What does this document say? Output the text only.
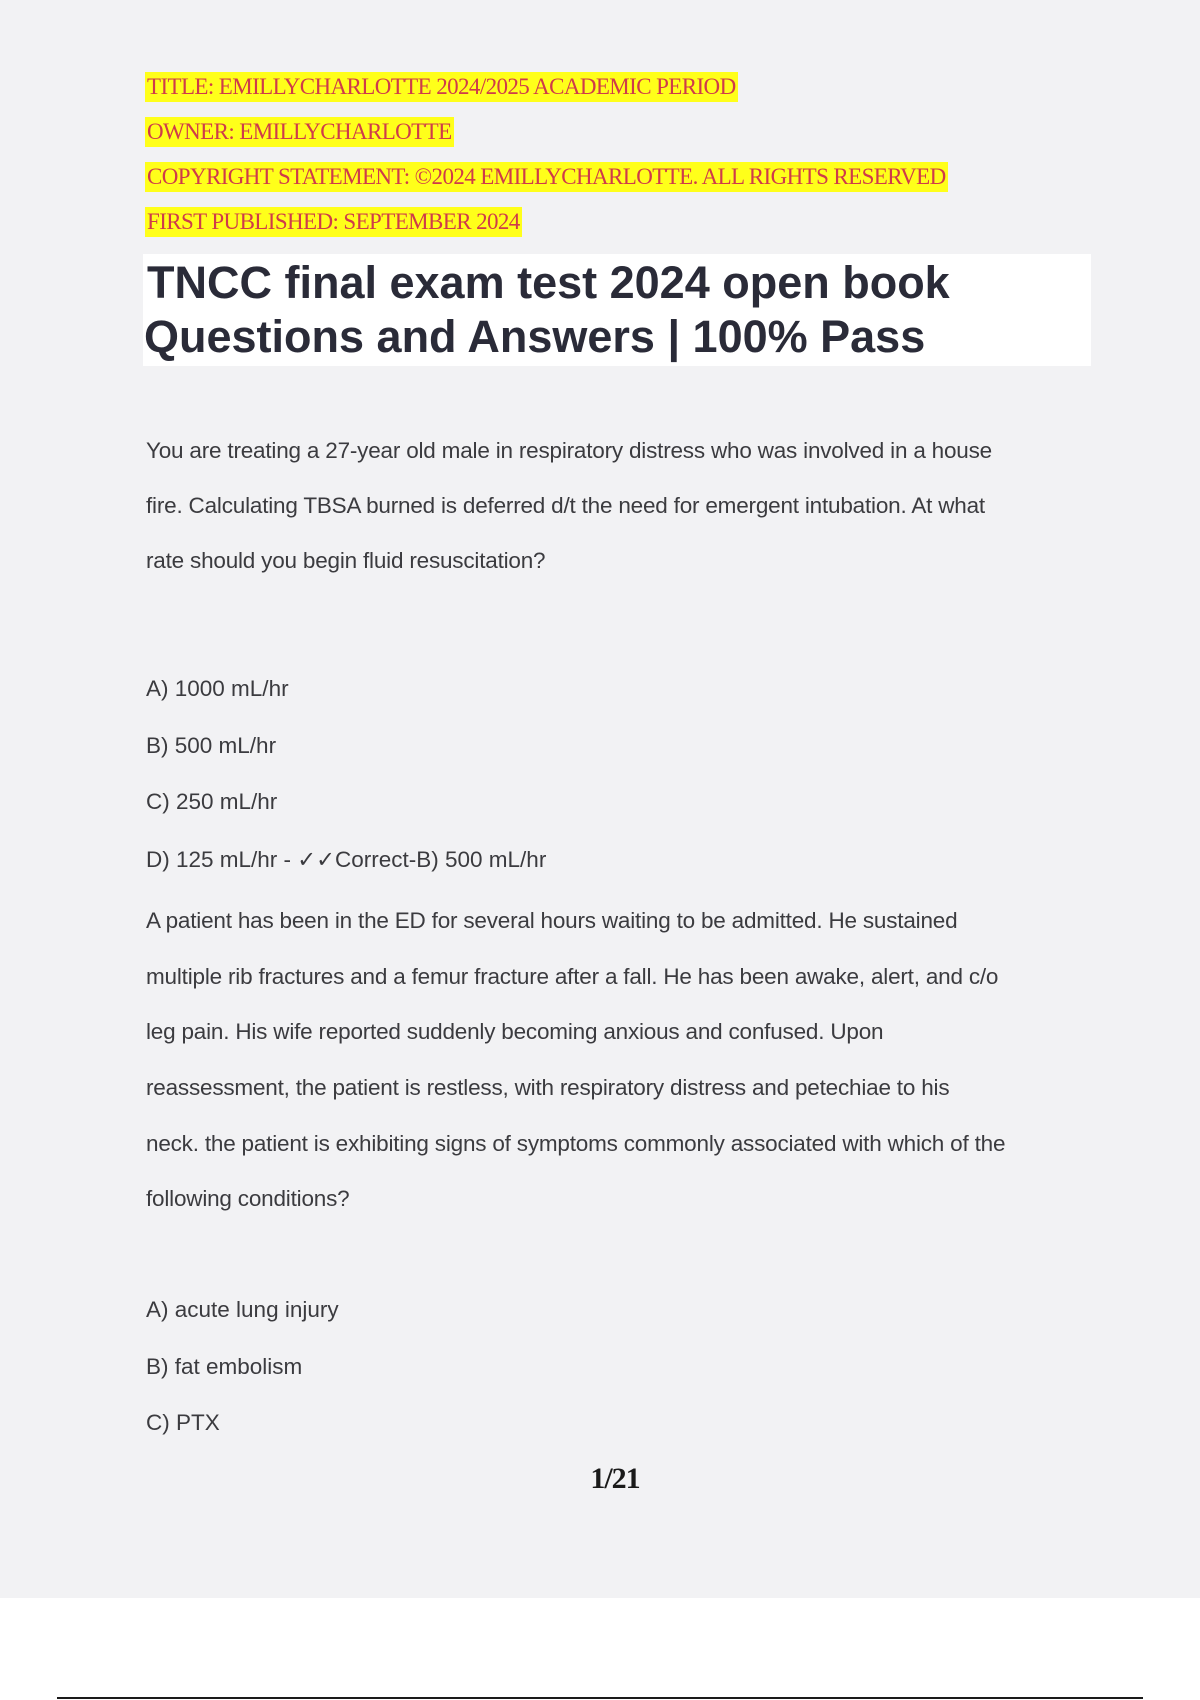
TITLE: EMILLYCHARLOTTE 2024/2025 ACADEMIC PERIOD
OWNER: EMILLYCHARLOTTE
COPYRIGHT STATEMENT: ©2024 EMILLYCHARLOTTE. ALL RIGHTS RESERVED
FIRST PUBLISHED: SEPTEMBER 2024
TNCC final exam test 2024 open book
Questions and Answers | 100% Pass
You are treating a 27-year old male in respiratory distress who was involved in a house
fire. Calculating TBSA burned is deferred d/t the need for emergent intubation. At what
rate should you begin fluid resuscitation?
A) 1000 mL/hr
B) 500 mL/hr
C) 250 mL/hr
D) 125 mL/hr - ✓✓Correct-B) 500 mL/hr
A patient has been in the ED for several hours waiting to be admitted. He sustained
multiple rib fractures and a femur fracture after a fall. He has been awake, alert, and c/o
leg pain. His wife reported suddenly becoming anxious and confused. Upon
reassessment, the patient is restless, with respiratory distress and petechiae to his
neck. the patient is exhibiting signs of symptoms commonly associated with which of the
following conditions?
A) acute lung injury
B) fat embolism
C) PTX
1/21
